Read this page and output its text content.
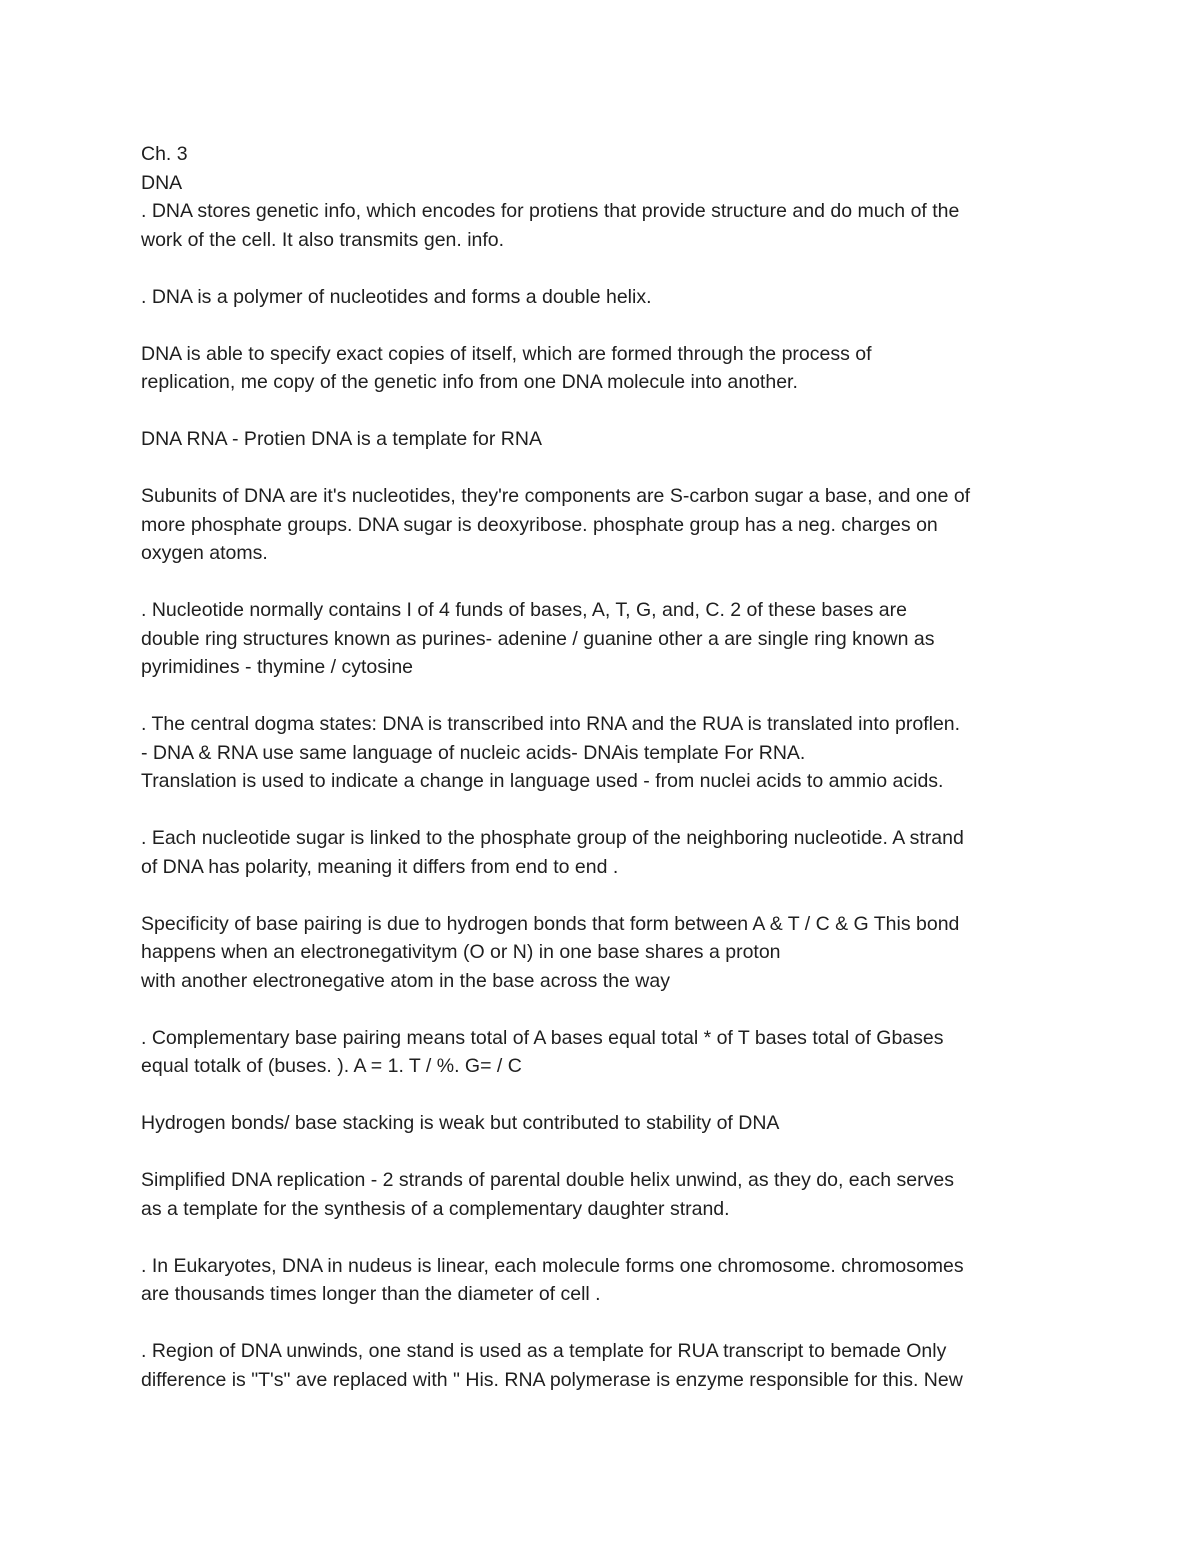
Ch. 3
DNA
. DNA stores genetic info, which encodes for protiens that provide structure and do much of the
work of the cell. It also transmits gen. info.
. DNA is a polymer of nucleotides and forms a double helix.
DNA is able to specify exact copies of itself, which are formed through the process of
replication, me copy of the genetic info from one DNA molecule into another.
DNA RNA - Protien DNA is a template for RNA
Subunits of DNA are it's nucleotides, they're components are S-carbon sugar a base, and one of
more phosphate groups. DNA sugar is deoxyribose. phosphate group has a neg. charges on
oxygen atoms.
. Nucleotide normally contains I of 4 funds of bases, A, T, G, and, C. 2 of these bases are
double ring structures known as purines- adenine / guanine other a are single ring known as
pyrimidines - thymine / cytosine
. The central dogma states: DNA is transcribed into RNA and the RUA is translated into proflen.
- DNA & RNA use same language of nucleic acids- DNAis template For RNA.
Translation is used to indicate a change in language used - from nuclei acids to ammio acids.
. Each nucleotide sugar is linked to the phosphate group of the neighboring nucleotide. A strand
of DNA has polarity, meaning it differs from end to end .
Specificity of base pairing is due to hydrogen bonds that form between A & T / C & G This bond
happens when an electronegativitym (O or N) in one base shares a proton
with another electronegative atom in the base across the way
. Complementary base pairing means total of A bases equal total * of T bases total of Gbases
equal totalk of (buses. ). A = 1. T / %. G= / C
Hydrogen bonds/ base stacking is weak but contributed to stability of DNA
Simplified DNA replication - 2 strands of parental double helix unwind, as they do, each serves
as a template for the synthesis of a complementary daughter strand.
. In Eukaryotes, DNA in nudeus is linear, each molecule forms one chromosome. chromosomes
are thousands times longer than the diameter of cell .
. Region of DNA unwinds, one stand is used as a template for RUA transcript to bemade Only
difference is "T's" ave replaced with " His. RNA polymerase is enzyme responsible for this. New
